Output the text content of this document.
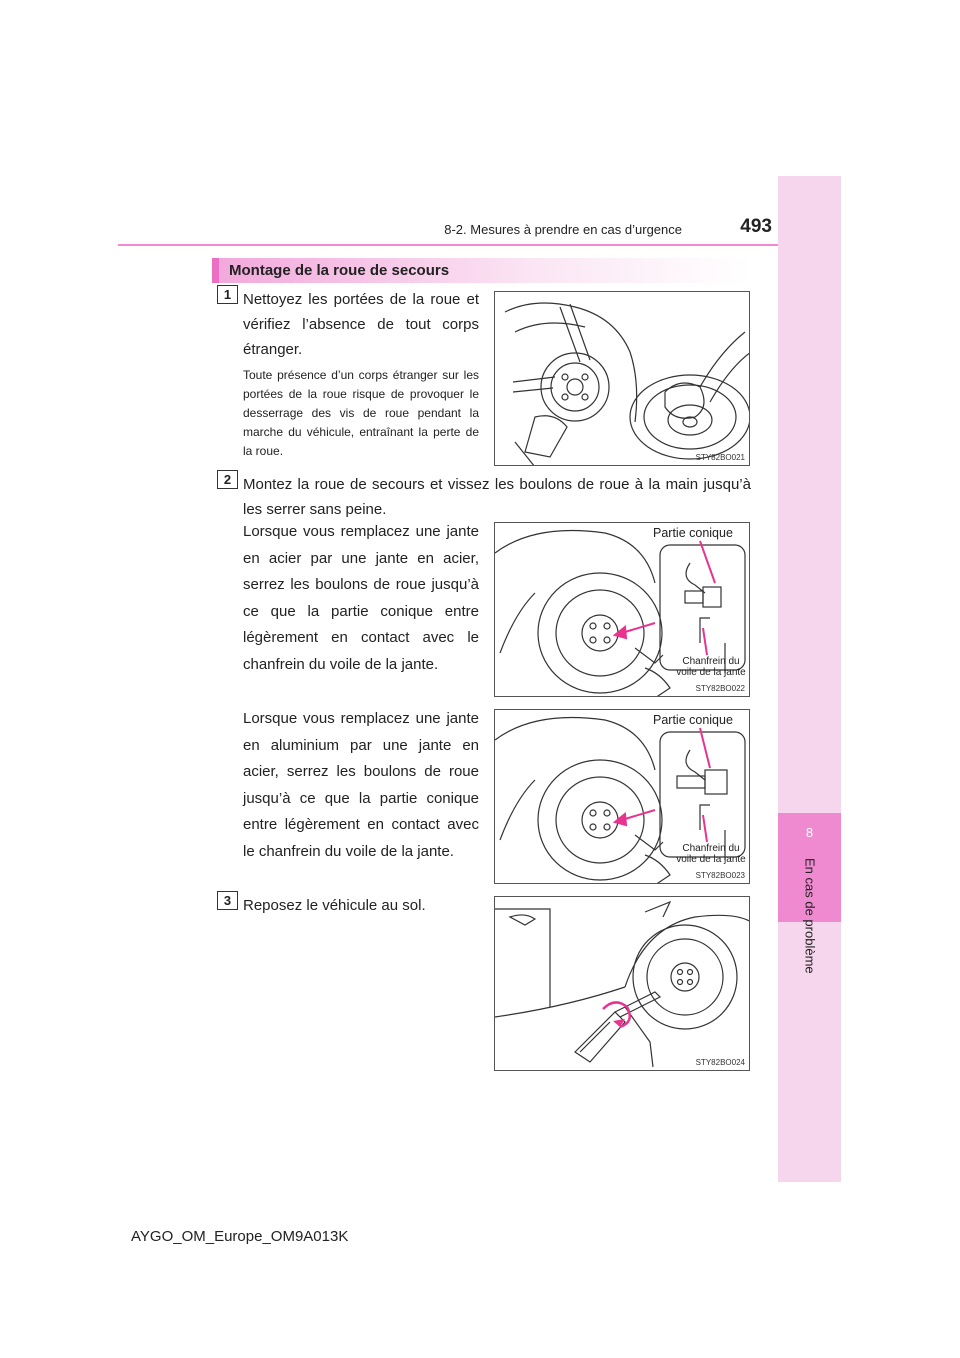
8-2. Mesures à prendre en cas d’urgence	493
8
En cas de problème
Montage de la roue de secours
1 Nettoyez les portées de la roue et vérifiez l’absence de tout corps étranger.
Toute présence d’un corps étranger sur les portées de la roue risque de provoquer le desserrage des vis de roue pendant la marche du véhicule, entraînant la perte de la roue.	STY82BO021
2 Montez la roue de secours et vissez les boulons de roue à la main jusqu’à les serrer sans peine.
Lorsque vous remplacez une jante en acier par une jante en acier, serrez les boulons de roue jusqu’à ce que la partie conique entre légèrement en contact avec le chanfrein du voile de la jante.
Partie conique
Chanfrein du
voile de la jante
STY82BO022
Lorsque vous remplacez une jante en aluminium par une jante en acier, serrez les boulons de roue jusqu’à ce que la partie conique entre légèrement en contact avec le chanfrein du voile de la jante.
Partie conique
Chanfrein du
voile de la jante
STY82BO023
3 Reposez le véhicule au sol.
STY82BO024
AYGO_OM_Europe_OM9A013K
